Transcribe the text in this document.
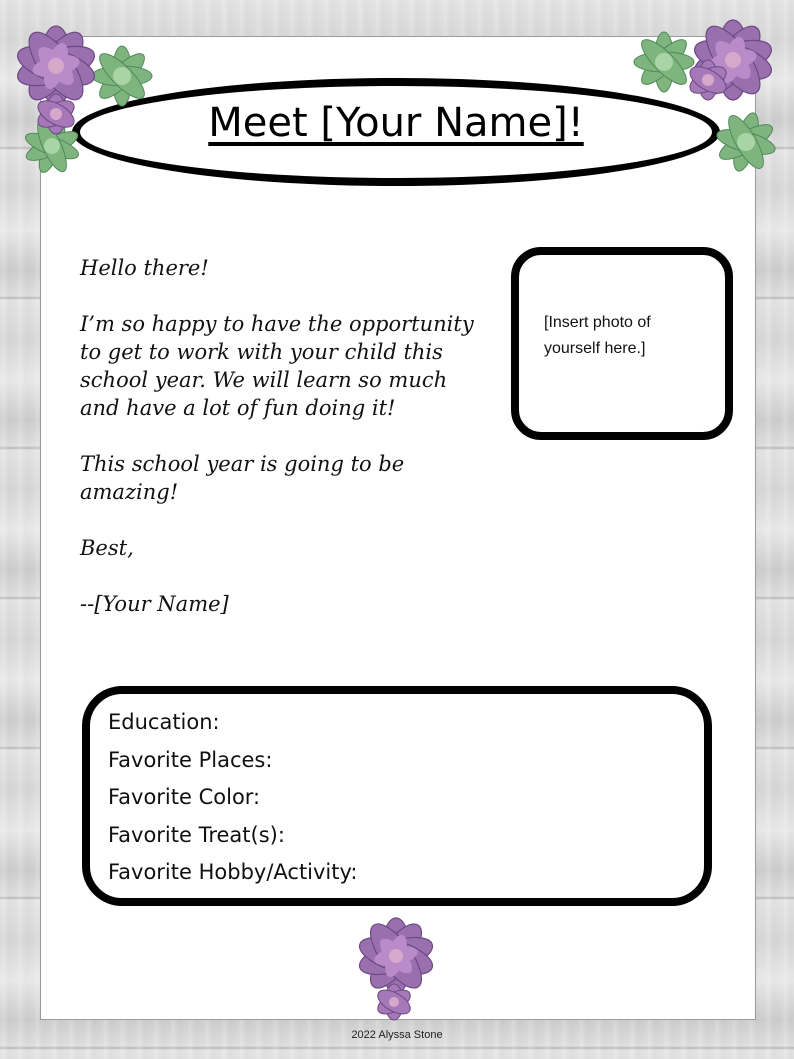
Meet [Your Name]!

Hello there!

I’m so happy to have the opportunity to get to work with your child this school year. We will learn so much and have a lot of fun doing it!

This school year is going to be amazing!

Best,

--[Your Name]

[Insert photo of yourself here.]
Education:
Favorite Places:
Favorite Color:
Favorite Treat(s):
Favorite Hobby/Activity:
2022 Alyssa Stone
